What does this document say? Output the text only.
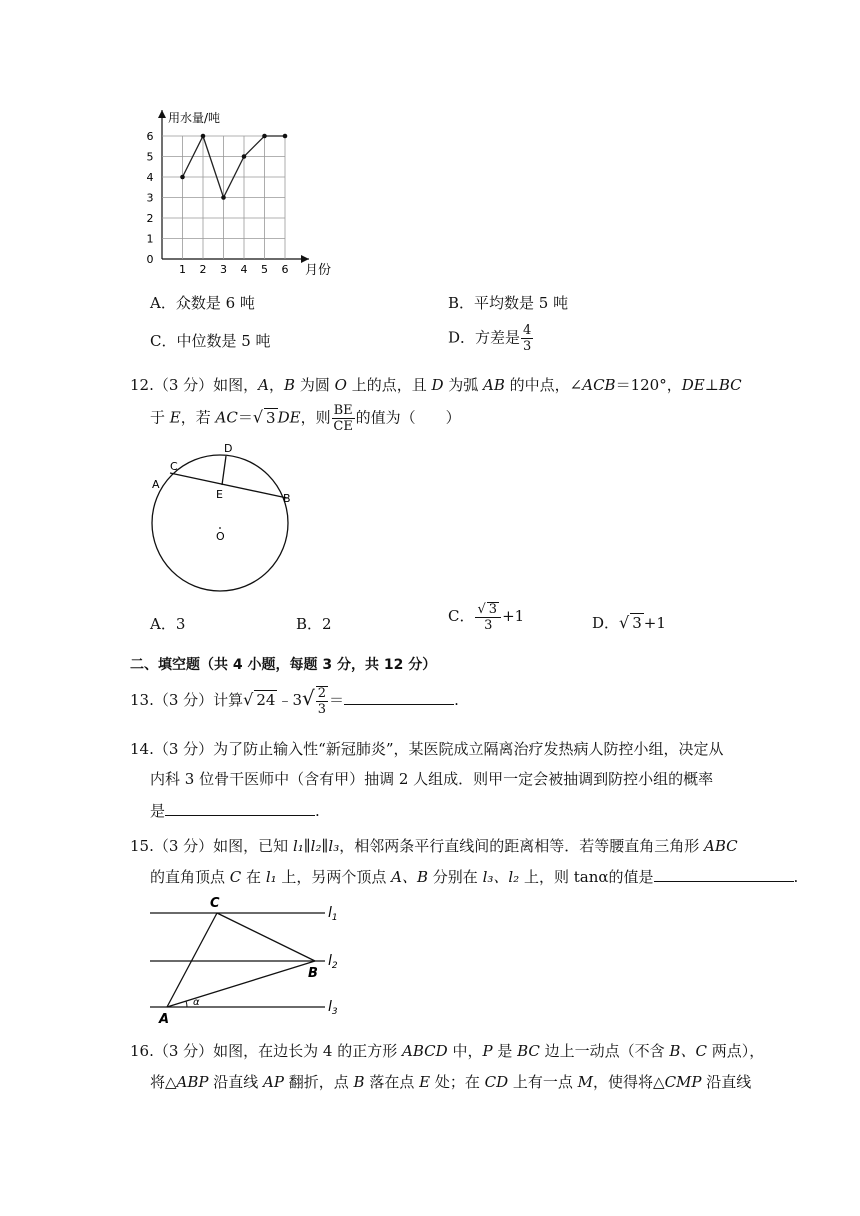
1
2
3
4
5
6
1 2 3 4 5 6
0
用水量/吨
月份
A．众数是 6 吨	B．平均数是 5 吨
C．中位数是 5 吨	D．方差是 $\frac{4}{3}$
12.（3 分）如图，A，B 为圆 O 上的点，且 D 为弧 AB 的中点，∠ACB＝120°，DE⊥BC
于 E，若 AC＝√ 3 DE，则 $\frac{BE}{CE}$ 的值为（　　）
A
C
D
E	B
O
A．3	B．2	C． $\frac{√ 3}{3} +1$	D．√ 3 +1
二、填空题（共 4 小题，每题 3 分，共 12 分）
13.（3 分）计算√ 24 ﹣3√ $\frac{2}{3}$ ＝	.
14.（3 分）为了防止输入性“新冠肺炎”，某医院成立隔离治疗发热病人防控小组，决定从
内科 3 位骨干医师中（含有甲）抽调 2 人组成．则甲一定会被抽调到防控小组的概率
是	.
15.（3 分）如图，已知 l₁∥l₂∥l₃，相邻两条平行直线间的距离相等．若等腰直角三角形 ABC
的直角顶点 C 在 l₁ 上，另两个顶点 A、B 分别在 l₃、l₂ 上，则 tanα的值是	.
C
B
A
α
$l_1$
$l_2$
$l_3$
16.（3 分）如图，在边长为 4 的正方形 ABCD 中，P 是 BC 边上一动点（不含 B、C 两点），
将△ABP 沿直线 AP 翻折，点 B 落在点 E 处；在 CD 上有一点 M，使得将△CMP 沿直线
